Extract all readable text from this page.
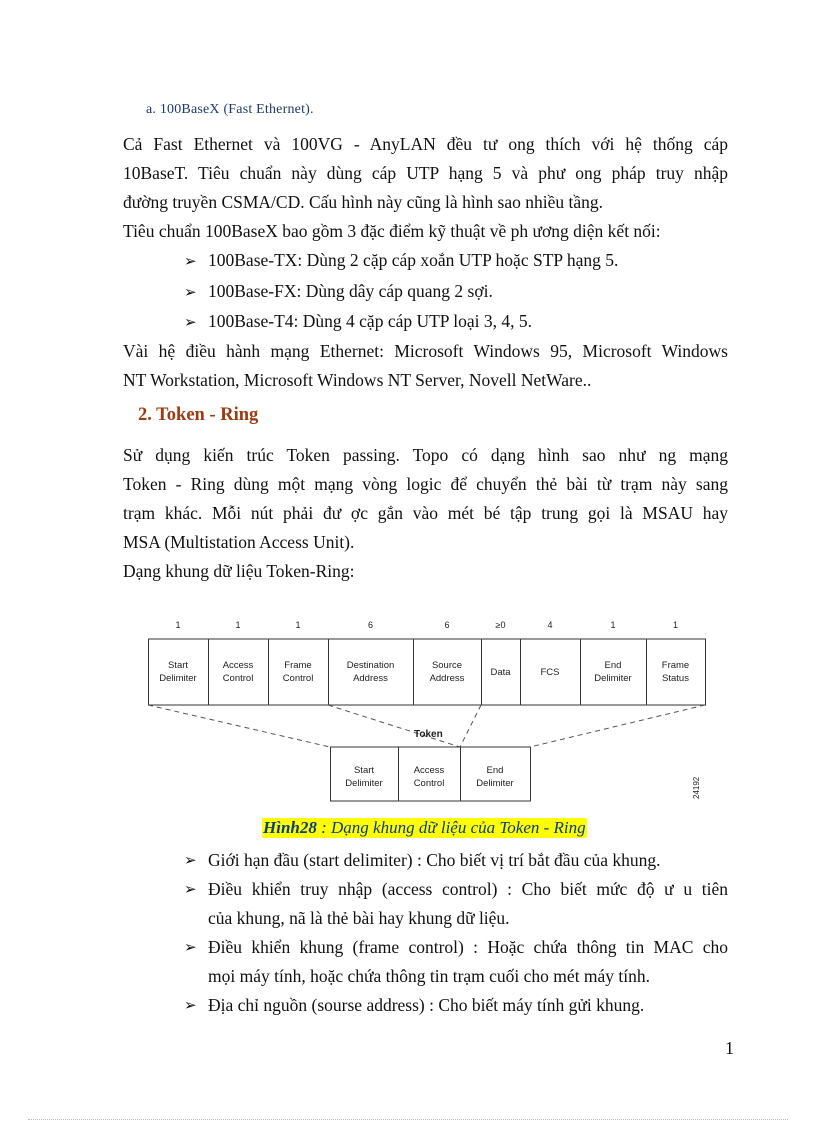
a. 100BaseX (Fast Ethernet).
Cả Fast Ethernet và 100VG - AnyLAN đều tư ong thích với hệ thống cáp
10BaseT. Tiêu chuẩn này dùng cáp UTP hạng 5 và phư ong pháp truy nhập
đường truyền CSMA/CD. Cấu hình này cũng là hình sao nhiều tầng.
Tiêu chuẩn 100BaseX bao gồm 3 đặc điểm kỹ thuật về ph ương diện kết nối:
➢ 100Base-TX: Dùng 2 cặp cáp xoắn UTP hoặc STP hạng 5.
➢ 100Base-FX: Dùng dây cáp quang 2 sợi.
➢ 100Base-T4: Dùng 4 cặp cáp UTP loại 3, 4, 5.
Vài hệ điều hành mạng Ethernet: Microsoft Windows 95, Microsoft Windows
NT Workstation, Microsoft Windows NT Server, Novell NetWare..
2. Token - Ring
Sử dụng kiến trúc Token passing. Topo có dạng hình sao như ng mạng
Token - Ring dùng một mạng vòng logic để chuyển thẻ bài từ trạm này sang
trạm khác. Mỗi nút phải đư ợc gắn vào mét bé tập trung gọi là MSAU hay
MSA (Multistation Access Unit).
Dạng khung dữ liệu Token-Ring:
1
Start
Delimiter
1
Access
Control
1
Frame
Control
6
Destination
Address
6
Source
Address
≥0
Data
4
FCS
1
End
Delimiter
1
Frame
Status
Token
Start
Delimiter
Access
Control
End
Delimiter	24192
Hình28 : Dạng khung dữ liệu của Token - Ring
➢ Giới hạn đầu (start delimiter) : Cho biết vị trí bắt đầu của khung.
➢ Điều khiển truy nhập (access control) : Cho biết mức độ ư u tiên
của khung, nã là thẻ bài hay khung dữ liệu.
➢ Điều khiển khung (frame control) : Hoặc chứa thông tin MAC cho
mọi máy tính, hoặc chứa thông tin trạm cuối cho mét máy tính.
➢ Địa chỉ nguồn (sourse address) : Cho biết máy tính gửi khung.
1
